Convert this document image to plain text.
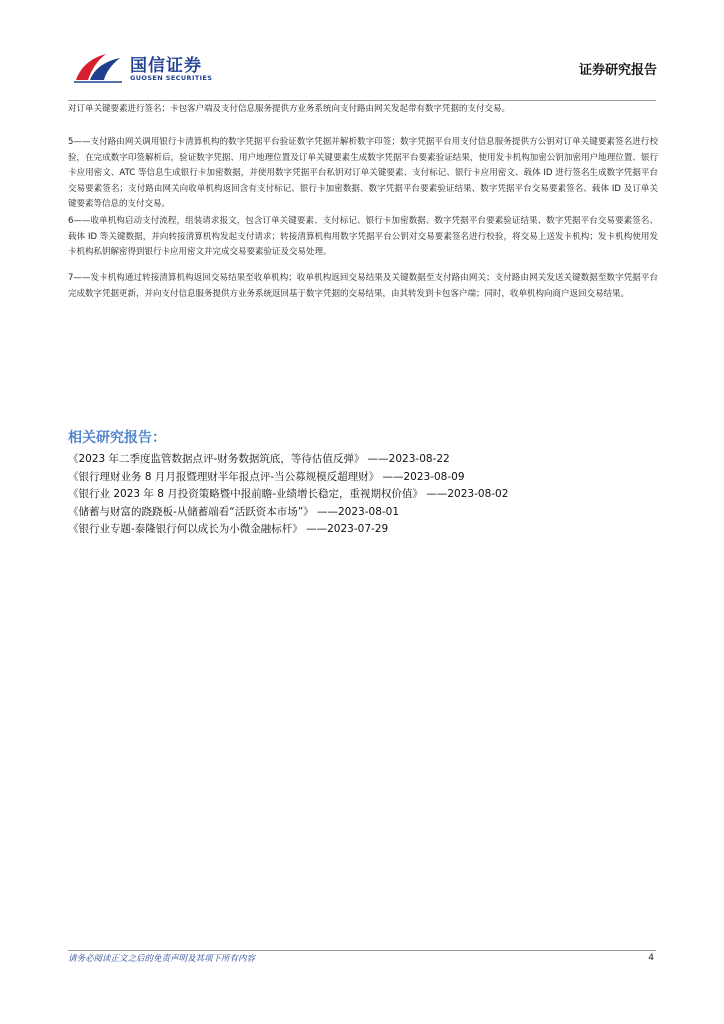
国信证券
GUOSEN SECURITIES	证券研究报告

对订单关键要素进行签名；卡包客户端及支付信息服务提供方业务系统向支付路由网关发起带有数字凭据的支付交易。

5——支付路由网关调用银行卡清算机构的数字凭据平台验证数字凭据并解析数字印签；数字凭据平台用支付信息服务提供方公钥对订单关键要素签名进行校验，在完成数字印签解析后，验证数字凭据、用户地理位置及订单关键要素生成数字凭据平台要素验证结果，使用发卡机构加密公钥加密用户地理位置、银行卡应用密文、ATC 等信息生成银行卡加密数据，并使用数字凭据平台私钥对订单关键要素、支付标记、银行卡应用密文、载体 ID 进行签名生成数字凭据平台交易要素签名；支付路由网关向收单机构返回含有支付标记、银行卡加密数据、数字凭据平台要素验证结果、数字凭据平台交易要素签名、载体 ID 及订单关键要素等信息的支付交易。

6——收单机构启动支付流程，组装请求报文，包含订单关键要素、支付标记、银行卡加密数据、数字凭据平台要素验证结果、数字凭据平台交易要素签名、载体 ID 等关键数据，并向转接清算机构发起支付请求；转接清算机构用数字凭据平台公钥对交易要素签名进行校验，将交易上送发卡机构；发卡机构使用发卡机构私钥解密得到银行卡应用密文并完成交易要素验证及交易处理。

7——发卡机构通过转接清算机构返回交易结果至收单机构；收单机构返回交易结果及关键数据至支付路由网关；支付路由网关发送关键数据至数字凭据平台完成数字凭据更新，并向支付信息服务提供方业务系统返回基于数字凭据的交易结果，由其转发到卡包客户端；同时，收单机构向商户返回交易结果。

相关研究报告：
《2023 年二季度监管数据点评-财务数据筑底，等待估值反弹》 ——2023-08-22
《银行理财业务 8 月月报暨理财半年报点评-当公募规模反超理财》 ——2023-08-09
《银行业 2023 年 8 月投资策略暨中报前瞻-业绩增长稳定，重视期权价值》 ——2023-08-02
《储蓄与财富的跷跷板-从储蓄端看“活跃资本市场”》 ——2023-08-01
《银行业专题-泰隆银行何以成长为小微金融标杆》 ——2023-07-29
请务必阅读正文之后的免责声明及其项下所有内容	4
